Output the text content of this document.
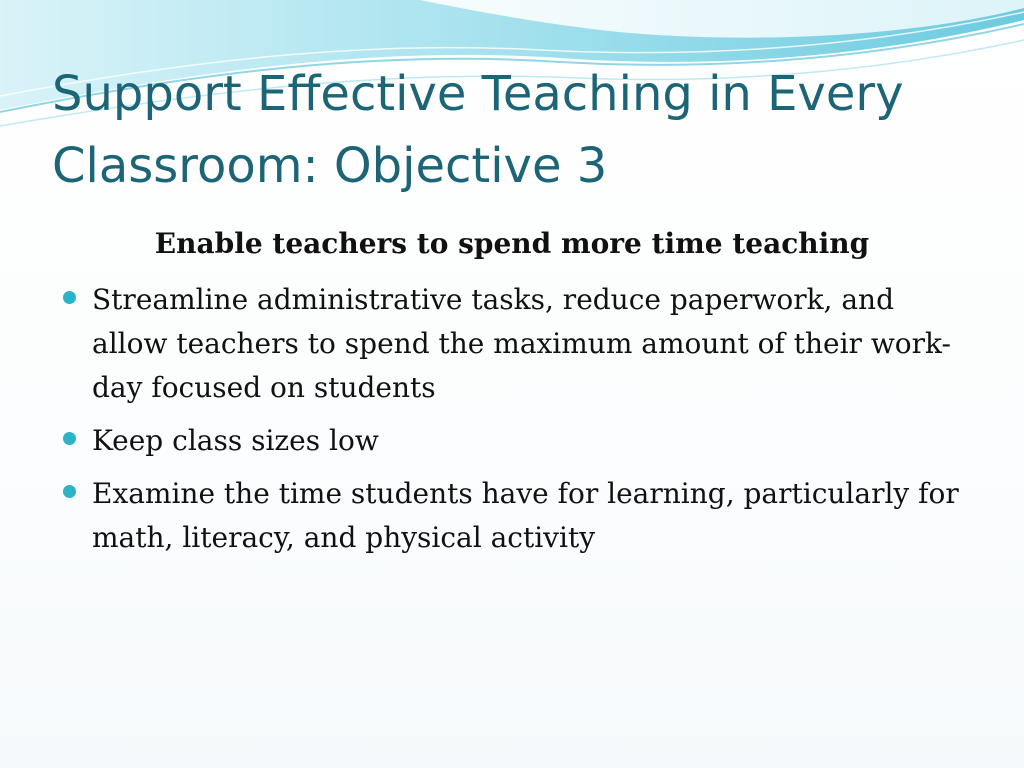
Support Effective Teaching in Every Classroom: Objective 3

Enable teachers to spend more time teaching

Streamline administrative tasks, reduce paperwork, and allow teachers to spend the maximum amount of their work-day focused on students
Keep class sizes low
Examine the time students have for learning, particularly for math, literacy, and physical activity
